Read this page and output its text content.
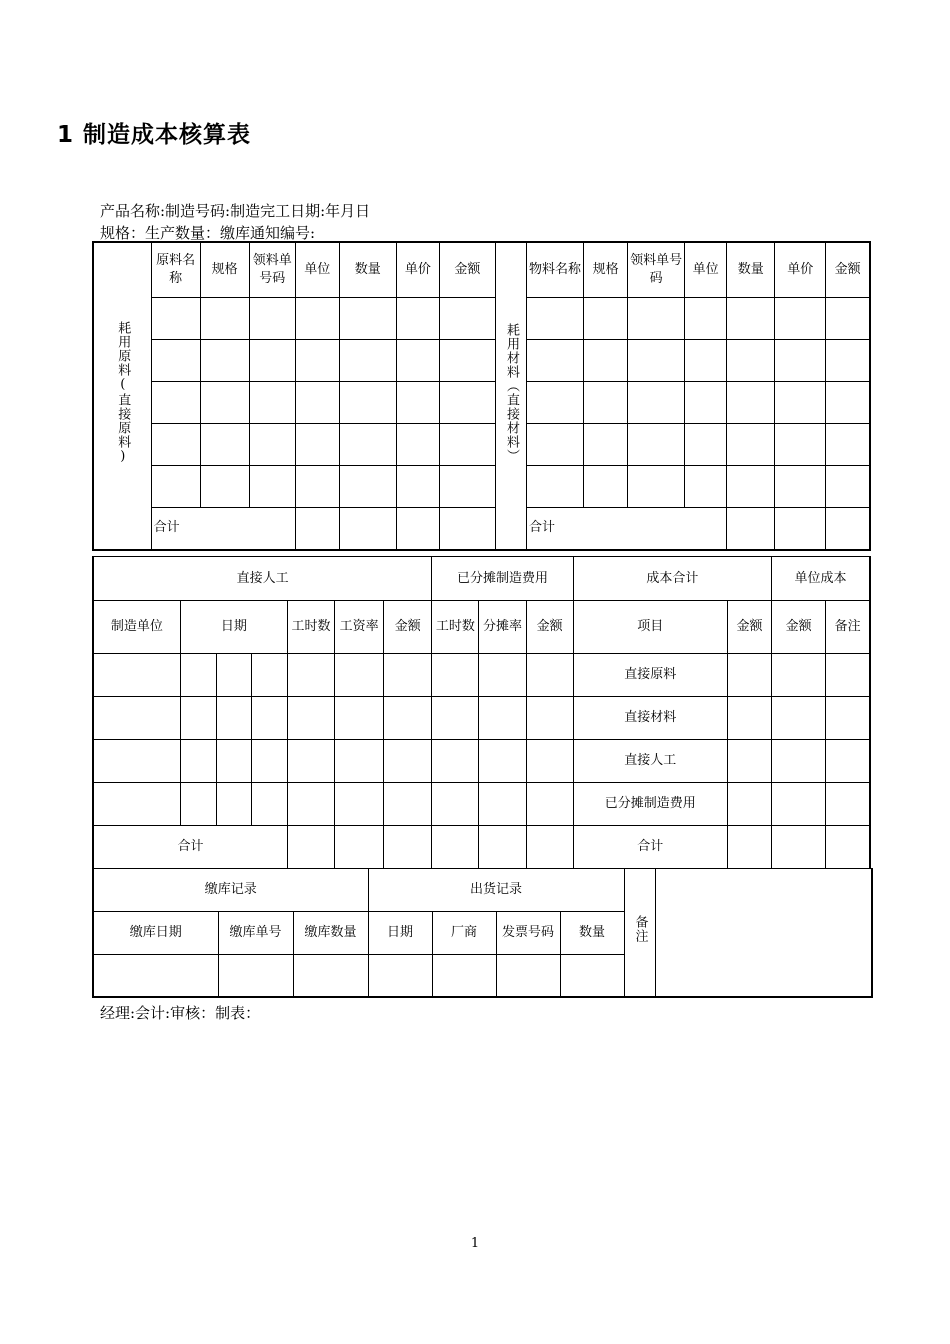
1 制造成本核算表
产品名称:制造号码:制造完工日期:年月日
规格：生产数量：缴库通知编号:
耗用原料(直接原料)	原料名称	规格	领料单号码	单位	数量	单价	金额	耗用材料（直接材料）	物料名称	规格	领料单号码	单位	数量	单价	金额

	合计								合计						
直接人工							已分摊制造费用			成本合计		单位成本	
制造单位	日期			工时数	工资率	金额	工时数	分摊率	金额	项目	金额	金额	备注
										直接原料			
										直接材料			
										直接人工			
										已分摊制造费用			
合计										合计			
缴库记录			出货记录				备注	
缴库日期	缴库单号	缴库数量	日期	厂商	发票号码	数量		

经理:会计:审核：制表：
1
